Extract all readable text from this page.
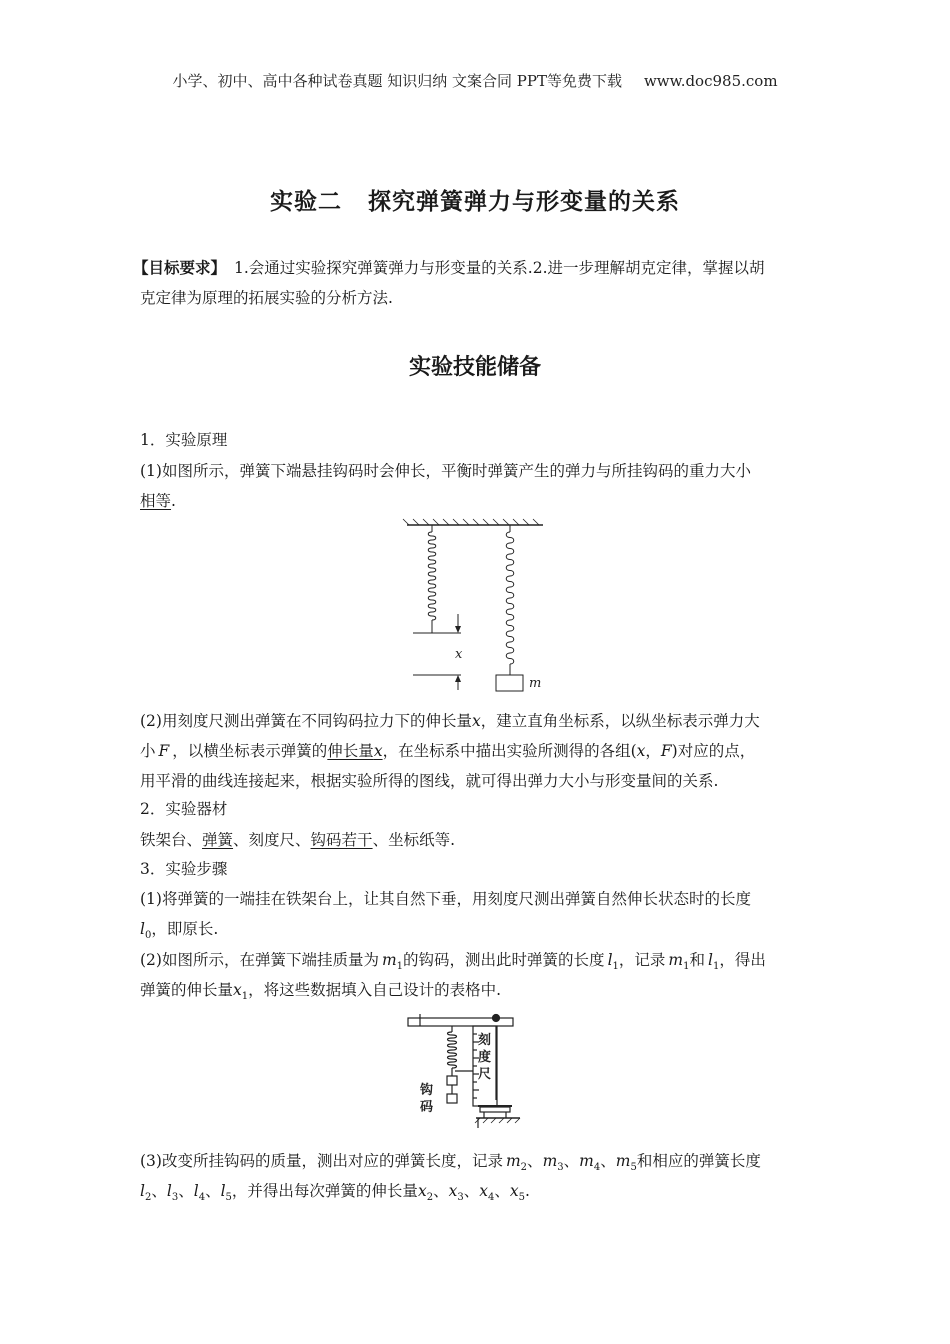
小学、初中、高中各种试卷真题 知识归纳 文案合同 PPT等免费下载 www.doc985.com
实验二 探究弹簧弹力与形变量的关系
【目标要求】 1.会通过实验探究弹簧弹力与形变量的关系.2.进一步理解胡克定律，掌握以胡
克定律为原理的拓展实验的分析方法.
实验技能储备
1．实验原理
(1)如图所示，弹簧下端悬挂钩码时会伸长，平衡时弹簧产生的弹力与所挂钩码的重力大小
相等.
x
m
(2)用刻度尺测出弹簧在不同钩码拉力下的伸长量x，建立直角坐标系，以纵坐标表示弹力大
小 F ，以横坐标表示弹簧的伸长量x，在坐标系中描出实验所测得的各组(x，F)对应的点，
用平滑的曲线连接起来，根据实验所得的图线，就可得出弹力大小与形变量间的关系.
2．实验器材
铁架台、弹簧、刻度尺、钩码若干、坐标纸等.
3．实验步骤
(1)将弹簧的一端挂在铁架台上，让其自然下垂，用刻度尺测出弹簧自然伸长状态时的长度
$l_0$，即原长.
(2)如图所示，在弹簧下端挂质量为 $m_1$的钩码，测出此时弹簧的长度 $l_1$，记录 $m_1$和 $l_1$，得出
弹簧的伸长量$x_1$，将这些数据填入自己设计的表格中.
刻
度
尺
钩
码
(3)改变所挂钩码的质量，测出对应的弹簧长度，记录 $m_2$、$m_3$、$m_4$、$m_5$和相应的弹簧长度
$l_2$、$l_3$、$l_4$、$l_5$，并得出每次弹簧的伸长量$x_2$、$x_3$、$x_4$、$x_5$.
